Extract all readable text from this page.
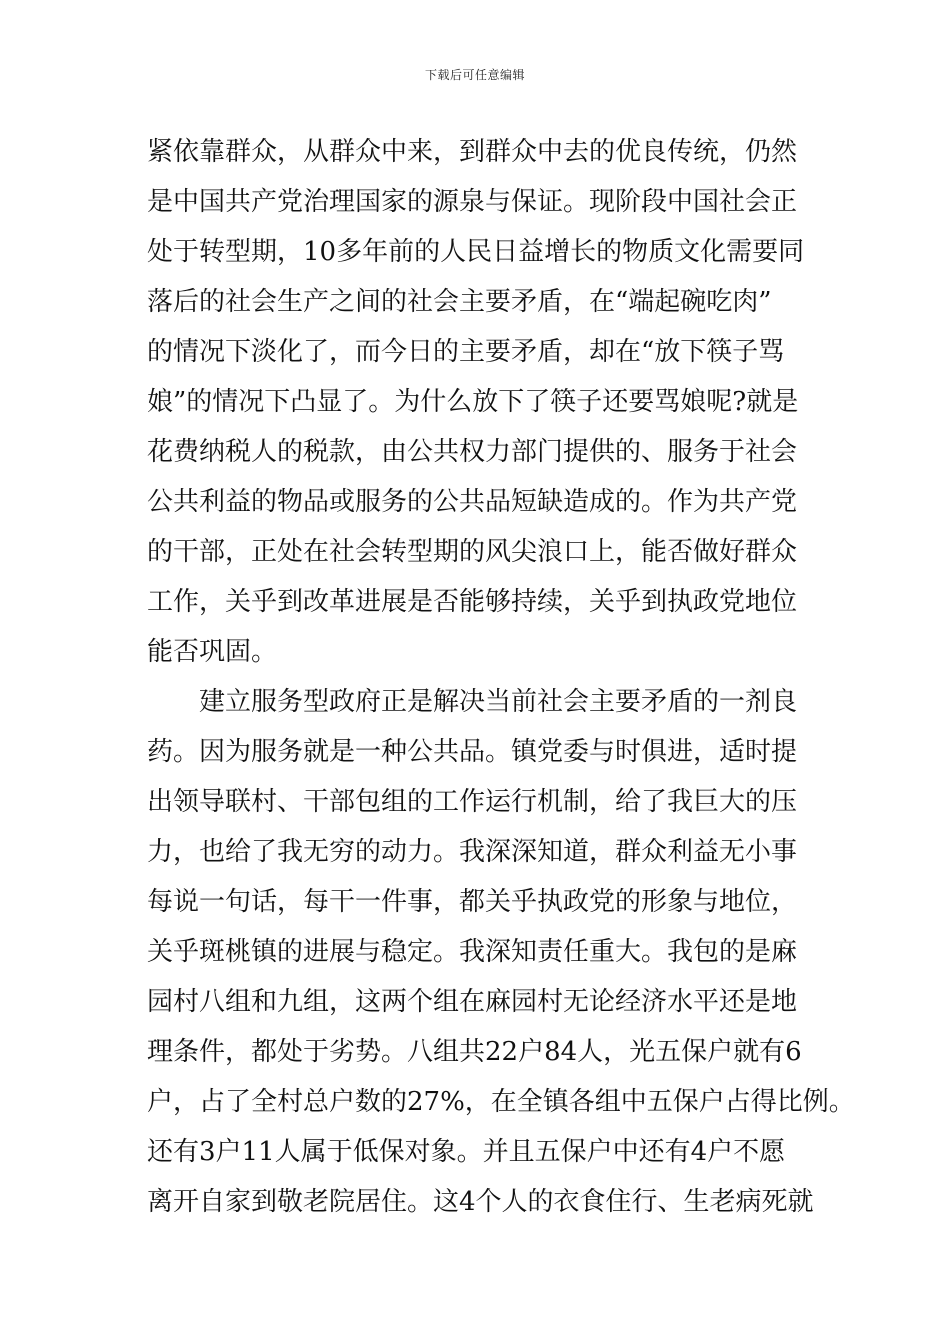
下载后可任意编辑
紧依靠群众，从群众中来，到群众中去的优良传统，仍然
是中国共产党治理国家的源泉与保证。现阶段中国社会正
处于转型期，10多年前的人民日益增长的物质文化需要同
落后的社会生产之间的社会主要矛盾，在“端起碗吃肉”
的情况下淡化了，而今日的主要矛盾，却在“放下筷子骂
娘”的情况下凸显了。为什么放下了筷子还要骂娘呢?就是
花费纳税人的税款，由公共权力部门提供的、服务于社会
公共利益的物品或服务的公共品短缺造成的。作为共产党
的干部，正处在社会转型期的风尖浪口上，能否做好群众
工作，关乎到改革进展是否能够持续，关乎到执政党地位
能否巩固。
建立服务型政府正是解决当前社会主要矛盾的一剂良
药。因为服务就是一种公共品。镇党委与时俱进，适时提
出领导联村、干部包组的工作运行机制，给了我巨大的压
力，也给了我无穷的动力。我深深知道，群众利益无小事
每说一句话，每干一件事，都关乎执政党的形象与地位，
关乎斑桃镇的进展与稳定。我深知责任重大。我包的是麻
园村八组和九组，这两个组在麻园村无论经济水平还是地
理条件，都处于劣势。八组共22户84人，光五保户就有6
户，占了全村总户数的27%，在全镇各组中五保户占得比例。
还有3户11人属于低保对象。并且五保户中还有4户不愿
离开自家到敬老院居住。这4个人的衣食住行、生老病死就
